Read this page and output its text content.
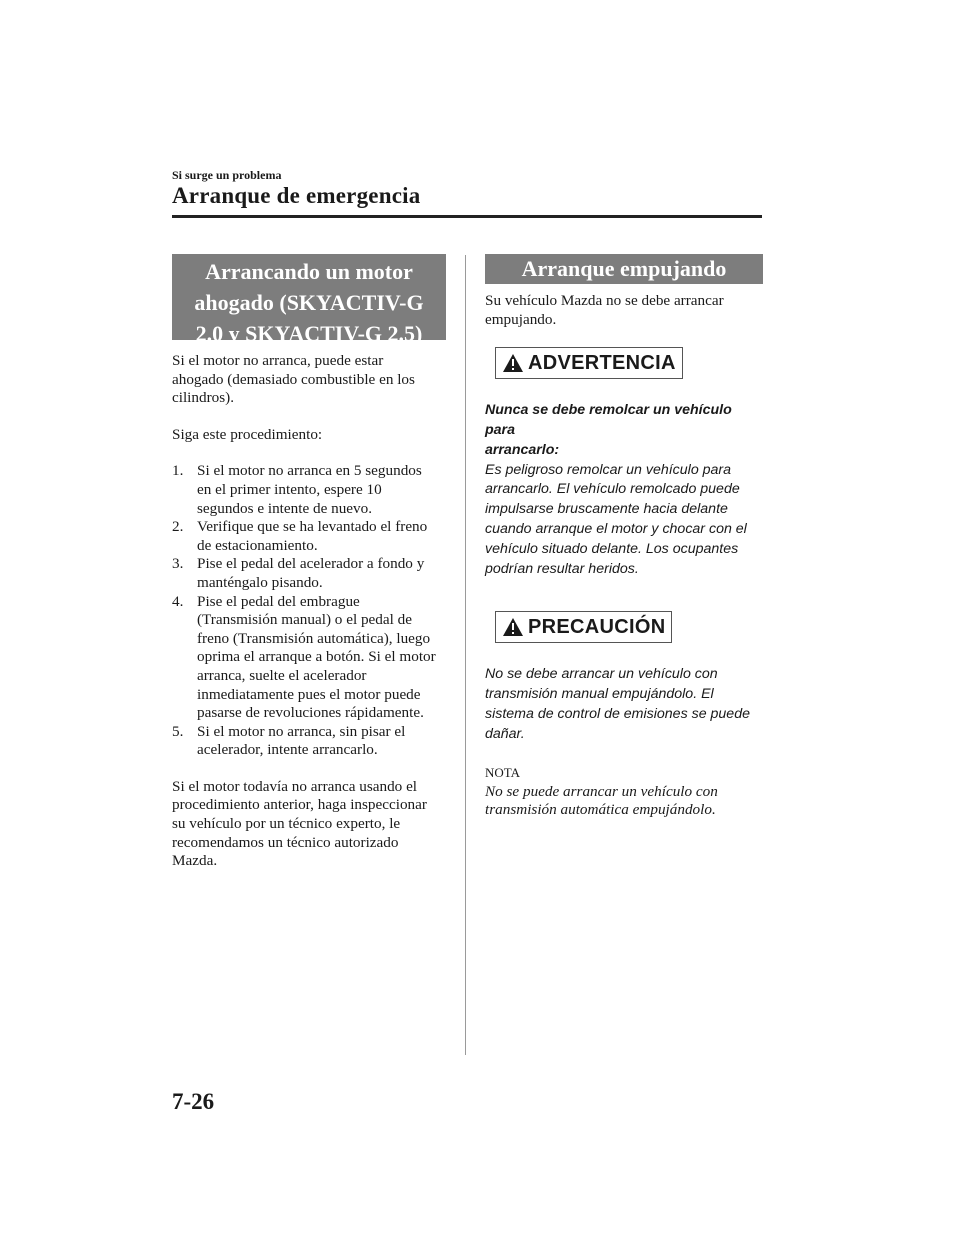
Si surge un problema
Arranque de emergencia
Arrancando un motor
ahogado (SKYACTIV-G
2.0 y SKYACTIV-G 2.5)
Si el motor no arranca, puede estar
ahogado (demasiado combustible en los
cilindros).
Siga este procedimiento:
1. Si el motor no arranca en 5 segundos
en el primer intento, espere 10
segundos e intente de nuevo.
2. Verifique que se ha levantado el freno
de estacionamiento.
3. Pise el pedal del acelerador a fondo y
manténgalo pisando.
4. Pise el pedal del embrague
(Transmisión manual) o el pedal de
freno (Transmisión automática), luego
oprima el arranque a botón. Si el motor
arranca, suelte el acelerador
inmediatamente pues el motor puede
pasarse de revoluciones rápidamente.
5. Si el motor no arranca, sin pisar el
acelerador, intente arrancarlo.
Si el motor todavía no arranca usando el
procedimiento anterior, haga inspeccionar
su vehículo por un técnico experto, le
recomendamos un técnico autorizado
Mazda.
Arranque empujando
Su vehículo Mazda no se debe arrancar
empujando.
ADVERTENCIA
Nunca se debe remolcar un vehículo para
arrancarlo:
Es peligroso remolcar un vehículo para
arrancarlo. El vehículo remolcado puede
impulsarse bruscamente hacia delante
cuando arranque el motor y chocar con el
vehículo situado delante. Los ocupantes
podrían resultar heridos.
PRECAUCIÓN
No se debe arrancar un vehículo con
transmisión manual empujándolo. El
sistema de control de emisiones se puede
dañar.
NOTA
No se puede arrancar un vehículo con
transmisión automática empujándolo.
7-26
